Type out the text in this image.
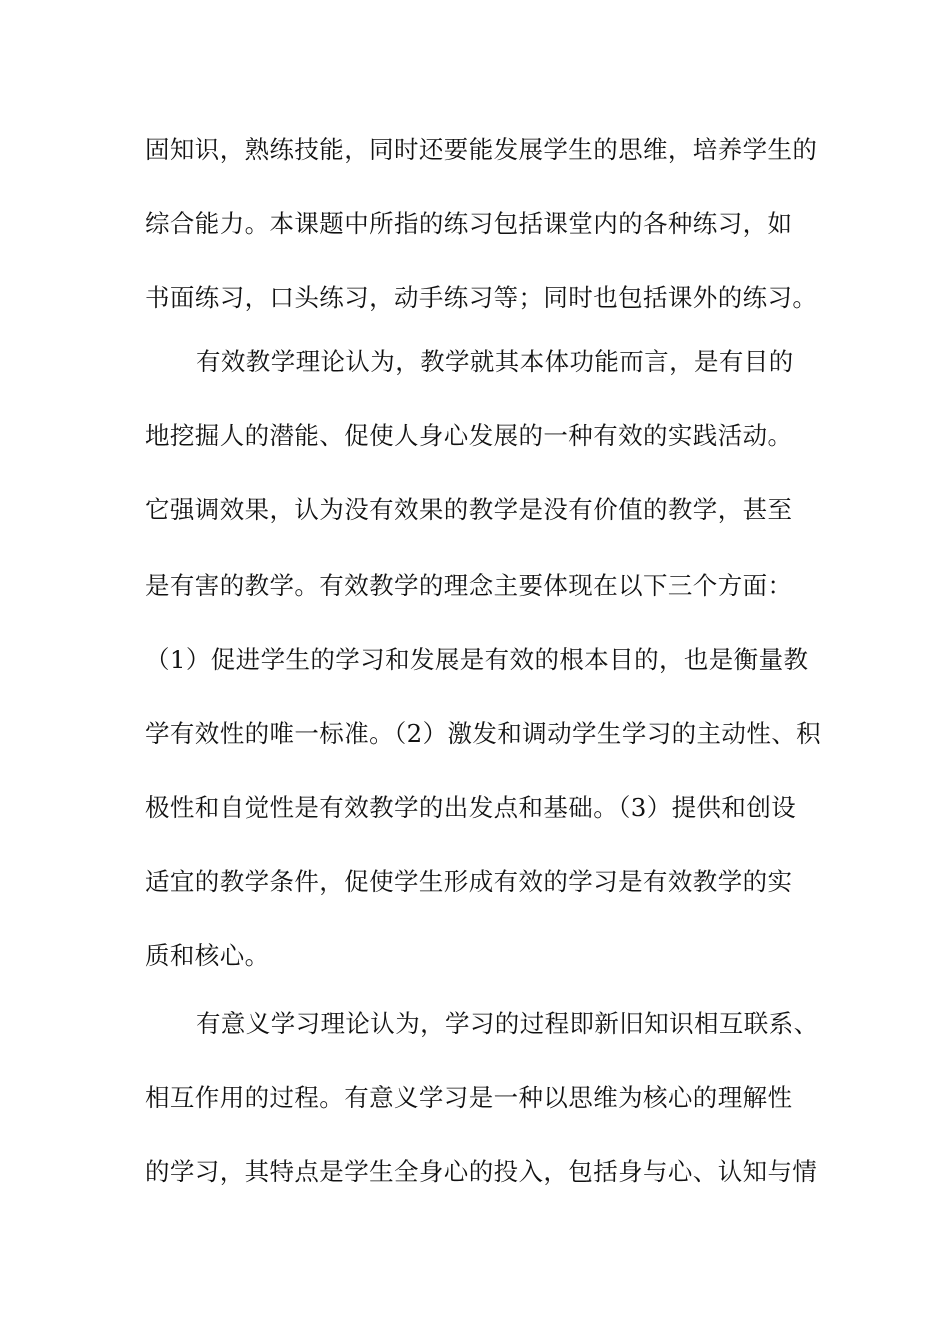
固知识，熟练技能，同时还要能发展学生的思维，培养学生的
综合能力。本课题中所指的练习包括课堂内的各种练习，如
书面练习，口头练习，动手练习等；同时也包括课外的练习。
有效教学理论认为，教学就其本体功能而言，是有目的
地挖掘人的潜能、促使人身心发展的一种有效的实践活动。
它强调效果，认为没有效果的教学是没有价值的教学，甚至
是有害的教学。有效教学的理念主要体现在以下三个方面：
（1）促进学生的学习和发展是有效的根本目的，也是衡量教
学有效性的唯一标准。（2）激发和调动学生学习的主动性、积
极性和自觉性是有效教学的出发点和基础。（3）提供和创设
适宜的教学条件，促使学生形成有效的学习是有效教学的实
质和核心。
有意义学习理论认为，学习的过程即新旧知识相互联系、
相互作用的过程。有意义学习是一种以思维为核心的理解性
的学习，其特点是学生全身心的投入，包括身与心、认知与情
